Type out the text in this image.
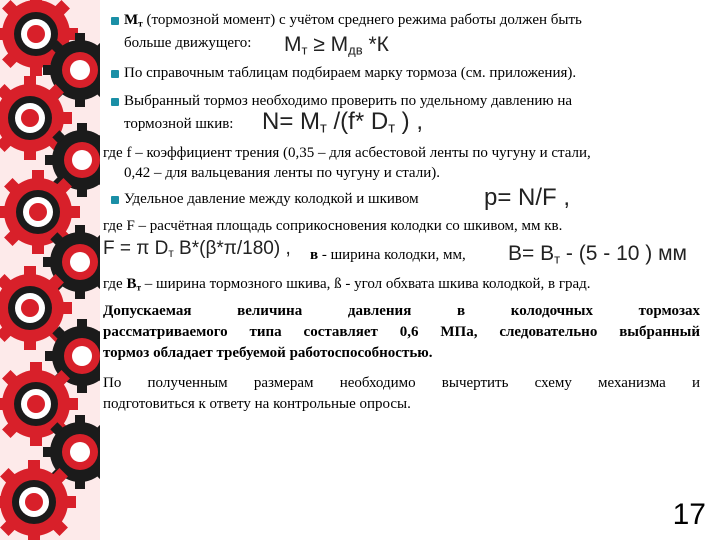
$М_т$ (тормозной момент) с учётом среднего режима работы должен быть
больше движущего: $М_т \ge М_{дв}$ *К
По справочным таблицам подбираем марку тормоза (см. приложения).
Выбранный тормоз необходимо проверить по удельному давлению на
тормозной шкив: $N= М_т$ /(f* $D_т$ ) ,
где f – коэффициент трения (0,35 – для асбестовой ленты по чугуну и стали,
0,42 – для вальцевания ленты по чугуну и стали).
Удельное давление между колодкой и шкивом	p= N/F ,
где F – расчётная площадь соприкосновения колодки со шкивом, мм кв.
F = π $D_т$ B*(β*π/180) , в - ширина колодки, мм, $B= B_т - (5 - 10$ ) мм
где $В_т$ – ширина тормозного шкива, ß - угол обхвата шкива колодкой, в град.
Допускаемая величина давления в колодочных тормозах
рассматриваемого типа составляет 0,6 МПа, следовательно выбранный
тормоз обладает требуемой работоспособностью.
По полученным размерам необходимо вычертить схему механизма и
подготовиться к ответу на контрольные опросы.
17
